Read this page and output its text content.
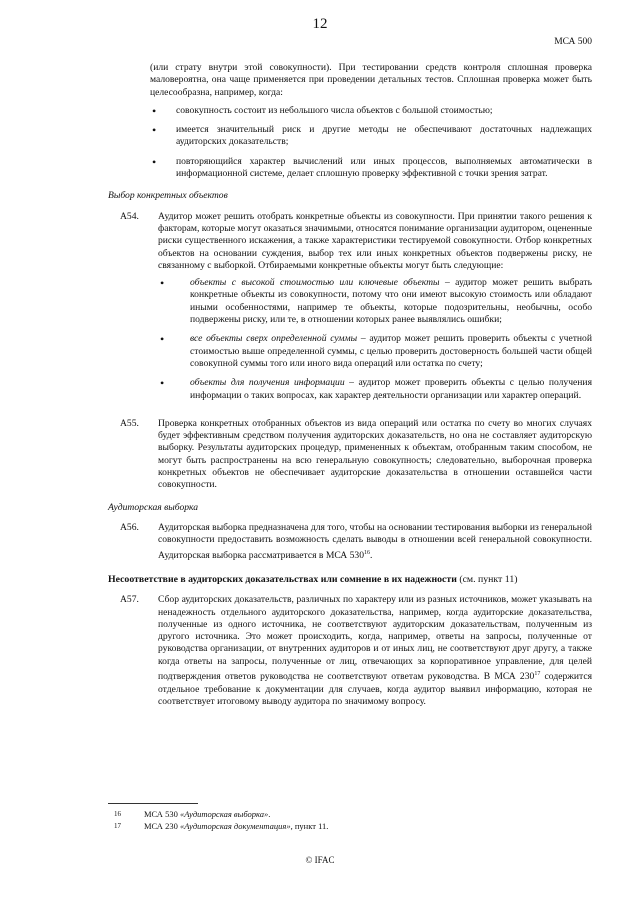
12
МСА 500

(или страту внутри этой совокупности). При тестировании средств контроля сплошная проверка маловероятна, она чаще применяется при проведении детальных тестов. Сплошная проверка может быть целесообразна, например, когда:

• совокупность состоит из небольшого числа объектов с большой стоимостью;
• имеется значительный риск и другие методы не обеспечивают достаточных надлежащих аудиторских доказательств;
• повторяющийся характер вычислений или иных процессов, выполняемых автоматически в информационной системе, делает сплошную проверку эффективной с точки зрения затрат.
Выбор конкретных объектов
A54.	Аудитор может решить отобрать конкретные объекты из совокупности. При принятии такого решения к факторам, которые могут оказаться значимыми, относятся понимание организации аудитором, оцененные риски существенного искажения, а также характеристики тестируемой совокупности. Отбор конкретных объектов на основании суждения, выбор тех или иных конкретных объектов подвержены риску, не связанному с выборкой. Отбираемыми конкретные объекты могут быть следующие:

• объекты с высокой стоимостью или ключевые объекты – аудитор может решить выбрать конкретные объекты из совокупности, потому что они имеют высокую стоимость или обладают иными особенностями, например те объекты, которые подозрительны, необычны, особо подвержены риску, или те, в отношении которых ранее выявлялись ошибки;
• все объекты сверх определенной суммы – аудитор может решить проверить объекты с учетной стоимостью выше определенной суммы, с целью проверить достоверность большей части общей совокупной суммы того или иного вида операций или остатка по счету;
• объекты для получения информации – аудитор может проверить объекты с целью получения информации о таких вопросах, как характер деятельности организации или характер операций.
A55.	Проверка конкретных отобранных объектов из вида операций или остатка по счету во многих случаях будет эффективным средством получения аудиторских доказательств, но она не составляет аудиторскую выборку. Результаты аудиторских процедур, примененных к объектам, отобранным таким способом, не могут быть распространены на всю генеральную совокупность; следовательно, выборочная проверка конкретных объектов не обеспечивает аудиторские доказательства в отношении оставшейся части совокупности.

Аудиторская выборка
A56.	Аудиторская выборка предназначена для того, чтобы на основании тестирования выборки из генеральной совокупности предоставить возможность сделать выводы в отношении всей генеральной совокупности. Аудиторская выборка рассматривается в МСА $530^{16}$.

Несоответствие в аудиторских доказательствах или сомнение в их надежности (см. пункт 11)
A57.	Сбор аудиторских доказательств, различных по характеру или из разных источников, может указывать на ненадежность отдельного аудиторского доказательства, например, когда аудиторские доказательства, полученные из одного источника, не соответствуют аудиторским доказательствам, полученным из другого источника. Это может происходить, когда, например, ответы на запросы, полученные от руководства организации, от внутренних аудиторов и от иных лиц, не соответствуют друг другу, а также когда ответы на запросы, полученные от лиц, отвечающих за корпоративное управление, для целей подтверждения ответов руководства не соответствуют ответам руководства. В МСА $230^{17}$ содержится отдельное требование к документации для случаев, когда аудитор выявил информацию, которая не соответствует итоговому выводу аудитора по значимому вопросу.

16	МСА 530 «Аудиторская выборка».
17	МСА 230 «Аудиторская документация», пункт 11.
© IFAC
